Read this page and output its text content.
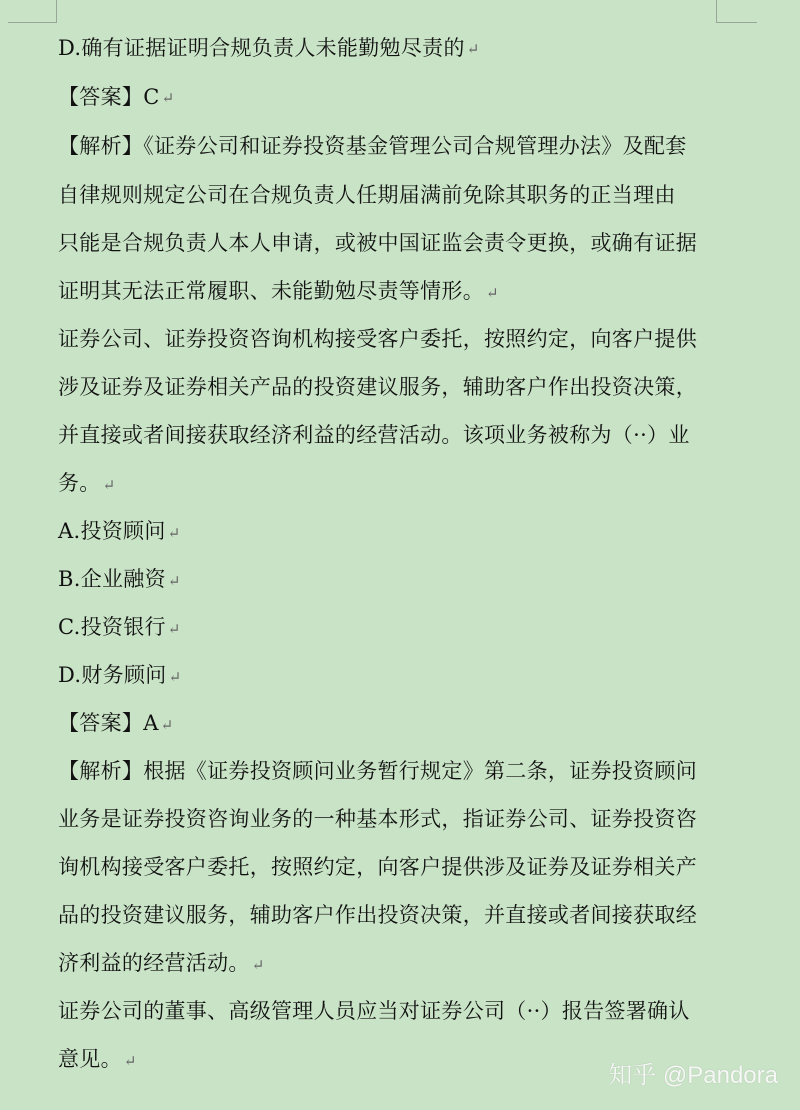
D.确有证据证明合规负责人未能勤勉尽责的 ↵
【答案】C ↵
【解析】《证券公司和证券投资基金管理公司合规管理办法》及配套
自律规则规定公司在合规负责人任期届满前免除其职务的正当理由
只能是合规负责人本人申请，或被中国证监会责令更换，或确有证据
证明其无法正常履职、未能勤勉尽责等情形。 ↵
证券公司、证券投资咨询机构接受客户委托，按照约定，向客户提供
涉及证券及证券相关产品的投资建议服务，辅助客户作出投资决策，
并直接或者间接获取经济利益的经营活动。该项业务被称为（··）业
务。 ↵
A.投资顾问 ↵
B.企业融资 ↵
C.投资银行 ↵
D.财务顾问 ↵
【答案】A ↵
【解析】根据《证券投资顾问业务暂行规定》第二条，证券投资顾问
业务是证券投资咨询业务的一种基本形式，指证券公司、证券投资咨
询机构接受客户委托，按照约定，向客户提供涉及证券及证券相关产
品的投资建议服务，辅助客户作出投资决策，并直接或者间接获取经
济利益的经营活动。 ↵
证券公司的董事、高级管理人员应当对证券公司（··）报告签署确认
意见。 ↵
知乎 @Pandora
